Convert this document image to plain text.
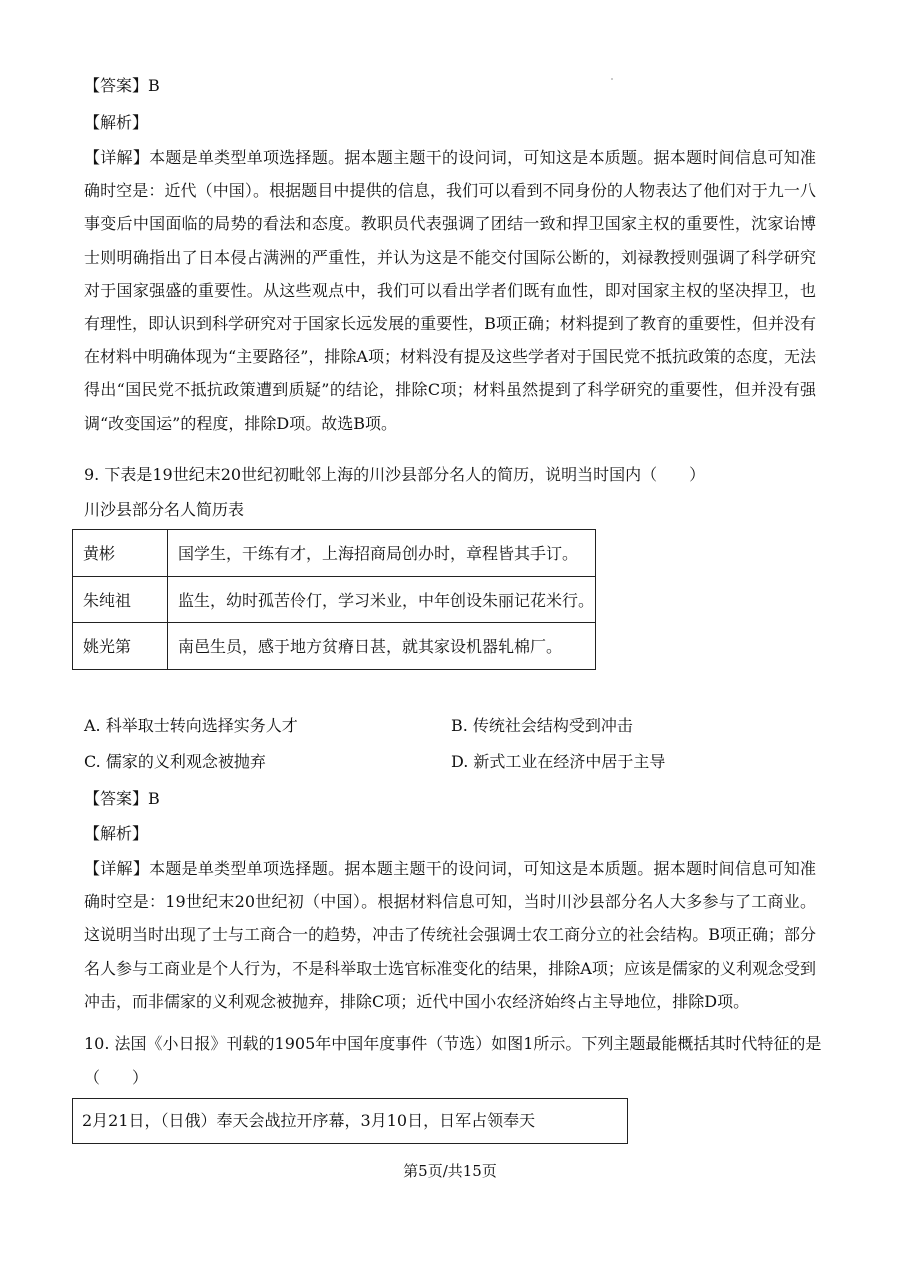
【答案】B
【解析】

【详解】本题是单类型单项选择题。据本题主题干的设问词，可知这是本质题。据本题时间信息可知准确时空是：近代（中国）。根据题目中提供的信息，我们可以看到不同身份的人物表达了他们对于九一八事变后中国面临的局势的看法和态度。教职员代表强调了团结一致和捍卫国家主权的重要性，沈家诒博士则明确指出了日本侵占满洲的严重性，并认为这是不能交付国际公断的，刘禄教授则强调了科学研究对于国家强盛的重要性。从这些观点中，我们可以看出学者们既有血性，即对国家主权的坚决捍卫，也有理性，即认识到科学研究对于国家长远发展的重要性，B项正确；材料提到了教育的重要性，但并没有在材料中明确体现为“主要路径”，排除A项；材料没有提及这些学者对于国民党不抵抗政策的态度，无法得出“国民党不抵抗政策遭到质疑”的结论，排除C项；材料虽然提到了科学研究的重要性，但并没有强调“改变国运”的程度，排除D项。故选B项。

9. 下表是19世纪末20世纪初毗邻上海的川沙县部分名人的简历，说明当时国内（　　）
川沙县部分名人简历表
黄彬	国学生，干练有才，上海招商局创办时，章程皆其手订。
朱纯祖	监生，幼时孤苦伶仃，学习米业，中年创设朱丽记花米行。
姚光第	南邑生员，感于地方贫瘠日甚，就其家设机器轧棉厂。
A. 科举取士转向选择实务人才	B. 传统社会结构受到冲击
C. 儒家的义利观念被抛弃	D. 新式工业在经济中居于主导
【答案】B
【解析】

【详解】本题是单类型单项选择题。据本题主题干的设问词，可知这是本质题。据本题时间信息可知准确时空是：19世纪末20世纪初（中国）。根据材料信息可知，当时川沙县部分名人大多参与了工商业。这说明当时出现了士与工商合一的趋势，冲击了传统社会强调士农工商分立的社会结构。B项正确；部分名人参与工商业是个人行为，不是科举取士选官标准变化的结果，排除A项；应该是儒家的义利观念受到冲击，而非儒家的义利观念被抛弃，排除C项；近代中国小农经济始终占主导地位，排除D项。

10. 法国《小日报》刊载的1905年中国年度事件（节选）如图1所示。下列主题最能概括其时代特征的是
（　　）
2月21日，（日俄）奉天会战拉开序幕，3月10日，日军占领奉天
第5页/共15页
